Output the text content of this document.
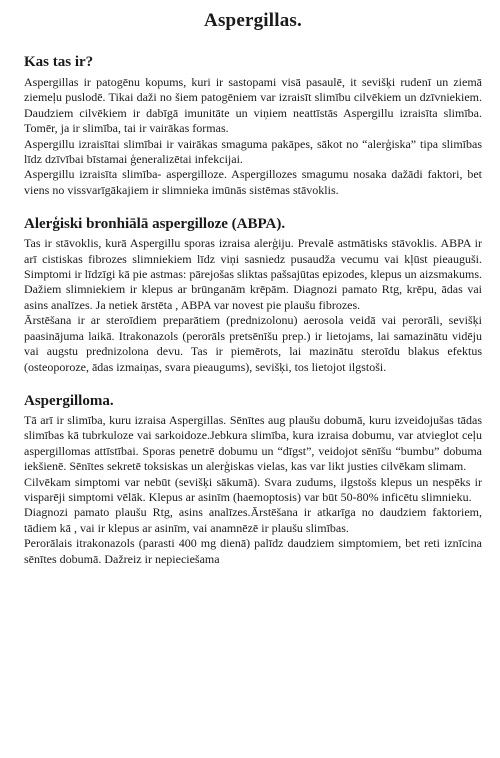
Aspergillas.
Kas tas ir?

Aspergillas ir patogēnu kopums, kuri ir sastopami visā pasaulē, it sevišķi rudenī un ziemā ziemeļu puslodē. Tikai daži no šiem patogēniem var izraisīt slimību cilvēkiem un dzīvniekiem. Daudziem cilvēkiem ir dabīgā imunitāte un viņiem neattīstās Aspergillu izraisīta slimība. Tomēr, ja ir slimība, tai ir vairākas formas.

Aspergillu izraisītai slimībai ir vairākas smaguma pakāpes, sākot no “alerģiska” tipa slimības līdz dzīvībai bīstamai ģeneralizētai infekcijai.

Aspergillu izraisīta slimība- aspergilloze. Aspergillozes smagumu nosaka dažādi faktori, bet viens no vissvarīgākajiem ir slimnieka imūnās sistēmas stāvoklis.

Alerģiski bronhiālā aspergilloze (ABPA).

Tas ir stāvoklis, kurā Aspergillu sporas izraisa alerģiju. Prevalē astmātisks stāvoklis. ABPA ir arī cistiskas fibrozes slimniekiem līdz viņi sasniedz pusaudža vecumu vai kļūst pieauguši. Simptomi ir līdzīgi kā pie astmas: pārejošas sliktas pašsajūtas epizodes, klepus un aizsmakums. Dažiem slimniekiem ir klepus ar brūnganām krēpām. Diagnozi pamato Rtg, krēpu, ādas vai asins analīzes. Ja netiek ārstēta , ABPA var novest pie plaušu fibrozes.

Ārstēšana ir ar steroīdiem preparātiem (prednizolonu) aerosola veidā vai perorāli, sevišķi paasinājuma laikā. Itrakonazols (perorāls pretsēnīšu prep.) ir lietojams, lai samazinātu vidēju vai augstu prednizolona devu. Tas ir piemērots, lai mazinātu steroīdu blakus efektus (osteoporoze, ādas izmaiņas, svara pieaugums), sevišķi, tos lietojot ilgstoši.

Aspergilloma.

Tā arī ir slimība, kuru izraisa Aspergillas. Sēnītes aug plaušu dobumā, kuru izveidojušas tādas slimības kā tubrkuloze vai sarkoidoze.Jebkura slimība, kura izraisa dobumu, var atvieglot ceļu aspergillomas attīstībai. Sporas penetrē dobumu un “dīgst”, veidojot sēnīšu “bumbu” dobuma iekšienē. Sēnītes sekretē toksiskas un alerģiskas vielas, kas var likt justies cilvēkam slimam.

Cilvēkam simptomi var nebūt (sevišķi sākumā). Svara zudums, ilgstošs klepus un nespēks ir visparēji simptomi vēlāk. Klepus ar asinīm (haemoptosis) var būt 50-80% inficētu slimnieku.

Diagnozi pamato plaušu Rtg, asins analīzes.Ārstēšana ir atkarīga no daudziem faktoriem, tādiem kā , vai ir klepus ar asinīm, vai anamnēzē ir plaušu slimības.

Perorālais itrakonazols (parasti 400 mg dienā) palīdz daudziem simptomiem, bet reti iznīcina sēnītes dobumā. Dažreiz ir nepieciešama
